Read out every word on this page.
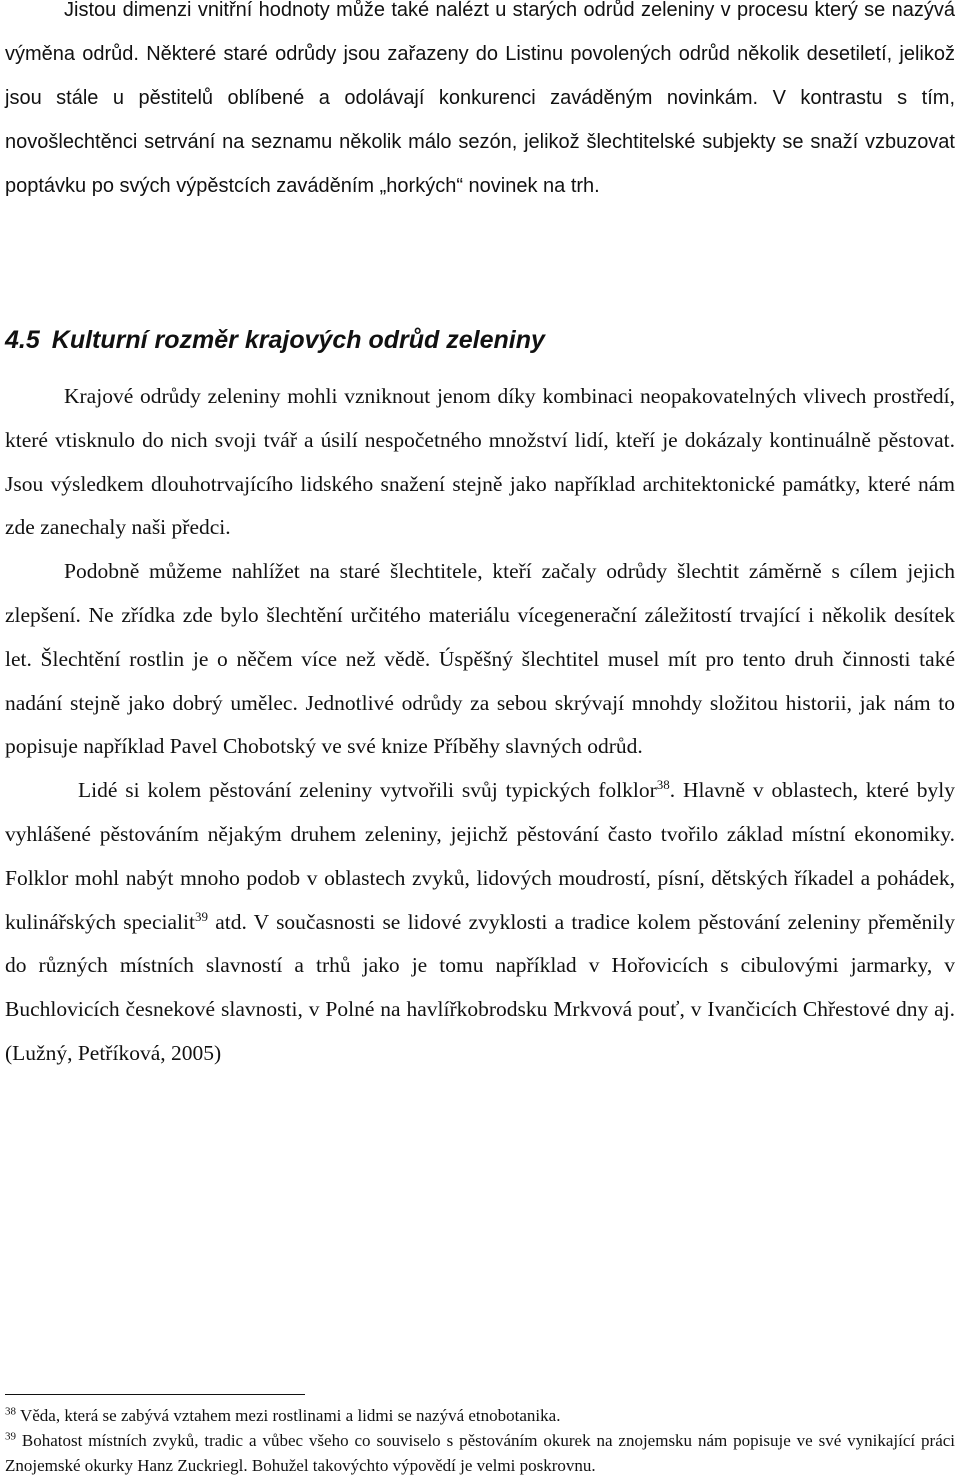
Jistou dimenzi vnitřní hodnoty může také nalézt u starých odrůd zeleniny v procesu který se nazývá výměna odrůd. Některé staré odrůdy jsou zařazeny do Listinu povolených odrůd několik desetiletí, jelikož jsou stále u pěstitelů oblíbené a odolávají konkurenci zaváděným novinkám. V kontrastu s tím, novošlechtěnci setrvání na seznamu několik málo sezón, jelikož šlechtitelské subjekty se snaží vzbuzovat poptávku po svých výpěstcích zaváděním „horkých“ novinek na trh.

4.5 Kulturní rozměr krajových odrůd zeleniny

Krajové odrůdy zeleniny mohli vzniknout jenom díky kombinaci neopakovatelných vlivech prostředí, které vtisknulo do nich svoji tvář a úsilí nespočetného množství lidí, kteří je dokázaly kontinuálně pěstovat. Jsou výsledkem dlouhotrvajícího lidského snažení stejně jako například architektonické památky, které nám zde zanechaly naši předci.

Podobně můžeme nahlížet na staré šlechtitele, kteří začaly odrůdy šlechtit záměrně s cílem jejich zlepšení. Ne zřídka zde bylo šlechtění určitého materiálu vícegenerační záležitostí trvající i několik desítek let. Šlechtění rostlin je o něčem více než vědě. Úspěšný šlechtitel musel mít pro tento druh činnosti také nadání stejně jako dobrý umělec. Jednotlivé odrůdy za sebou skrývají mnohdy složitou historii, jak nám to popisuje například Pavel Chobotský ve své knize Příběhy slavných odrůd.

Lidé si kolem pěstování zeleniny vytvořili svůj typických folklor$^{38}$. Hlavně v oblastech, které byly vyhlášené pěstováním nějakým druhem zeleniny, jejichž pěstování často tvořilo základ místní ekonomiky. Folklor mohl nabýt mnoho podob v oblastech zvyků, lidových moudrostí, písní, dětských říkadel a pohádek, kulinářských specialit$^{39}$ atd. V současnosti se lidové zvyklosti a tradice kolem pěstování zeleniny přeměnily do různých místních slavností a trhů jako je tomu například v Hořovicích s cibulovými jarmarky, v Buchlovicích česnekové slavnosti, v Polné na havlířkobrodsku Mrkvová pouť, v Ivančicích Chřestové dny aj. (Lužný, Petříková, 2005)

$^{38}$ Věda, která se zabývá vztahem mezi rostlinami a lidmi se nazývá etnobotanika.

$^{39}$ Bohatost místních zvyků, tradic a vůbec všeho co souviselo s pěstováním okurek na znojemsku nám popisuje ve své vynikající práci Znojemské okurky Hanz Zuckriegl. Bohužel takovýchto výpovědí je velmi poskrovnu.
